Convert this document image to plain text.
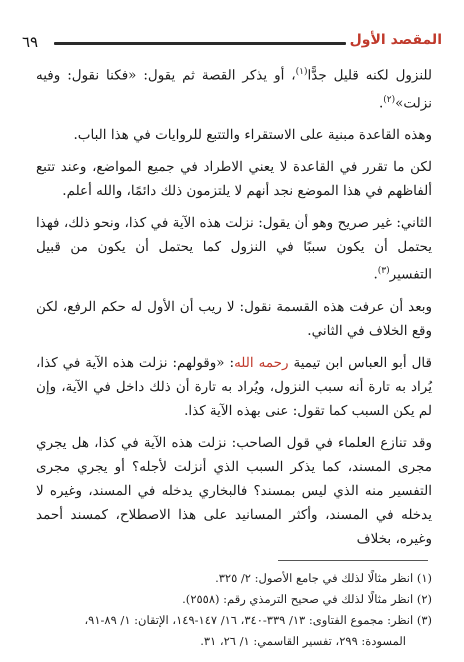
٦٩	المقصد الأول

للنزول لكنه قليل جدًّا$^{(١)}$، أو يذكر القصة ثم يقول: «فكنا نقول: وفيه نزلت»$^{(٢)}$.

وهذه القاعدة مبنية على الاستقراء والتتبع للروايات في هذا الباب.

لكن ما تقرر في القاعدة لا يعني الاطراد في جميع المواضع، وعند تتبع ألفاظهم في هذا الموضع نجد أنهم لا يلتزمون ذلك دائمًا، والله أعلم.

الثاني: غير صريح وهو أن يقول: نزلت هذه الآية في كذا، ونحو ذلك، فهذا يحتمل أن يكون سببًا في النزول كما يحتمل أن يكون من قبيل التفسير$^{(٣)}$.

وبعد أن عرفت هذه القسمة نقول: لا ريب أن الأول له حكم الرفع، لكن وقع الخلاف في الثاني.

قال أبو العباس ابن تيمية رحمه الله: «وقولهم: نزلت هذه الآية في كذا، يُراد به تارة أنه سبب النزول، ويُراد به تارة أن ذلك داخل في الآية، وإن لم يكن السبب كما تقول: عنى بهذه الآية كذا.

وقد تنازع العلماء في قول الصاحب: نزلت هذه الآية في كذا، هل يجري مجرى المسند، كما يذكر السبب الذي أنزلت لأجله؟ أو يجري مجرى التفسير منه الذي ليس بمسند؟ فالبخاري يدخله في المسند، وغيره لا يدخله في المسند، وأكثر المسانيد على هذا الاصطلاح، كمسند أحمد وغيره، بخلاف

(١) انظر مثالًا لذلك في جامع الأصول: ٢/ ٣٢٥.

(٢) انظر مثالًا لذلك في صحيح الترمذي رقم: (٢٥٥٨).

(٣) انظر: مجموع الفتاوى: ١٣/ ٣٣٩-٣٤٠، ١٦/ ١٤٧-١٤٩، الإتقان: ١/ ٨٩-٩١،

المسودة: ٢٩٩، تفسير القاسمي: ١/ ٢٦، ٣١.
